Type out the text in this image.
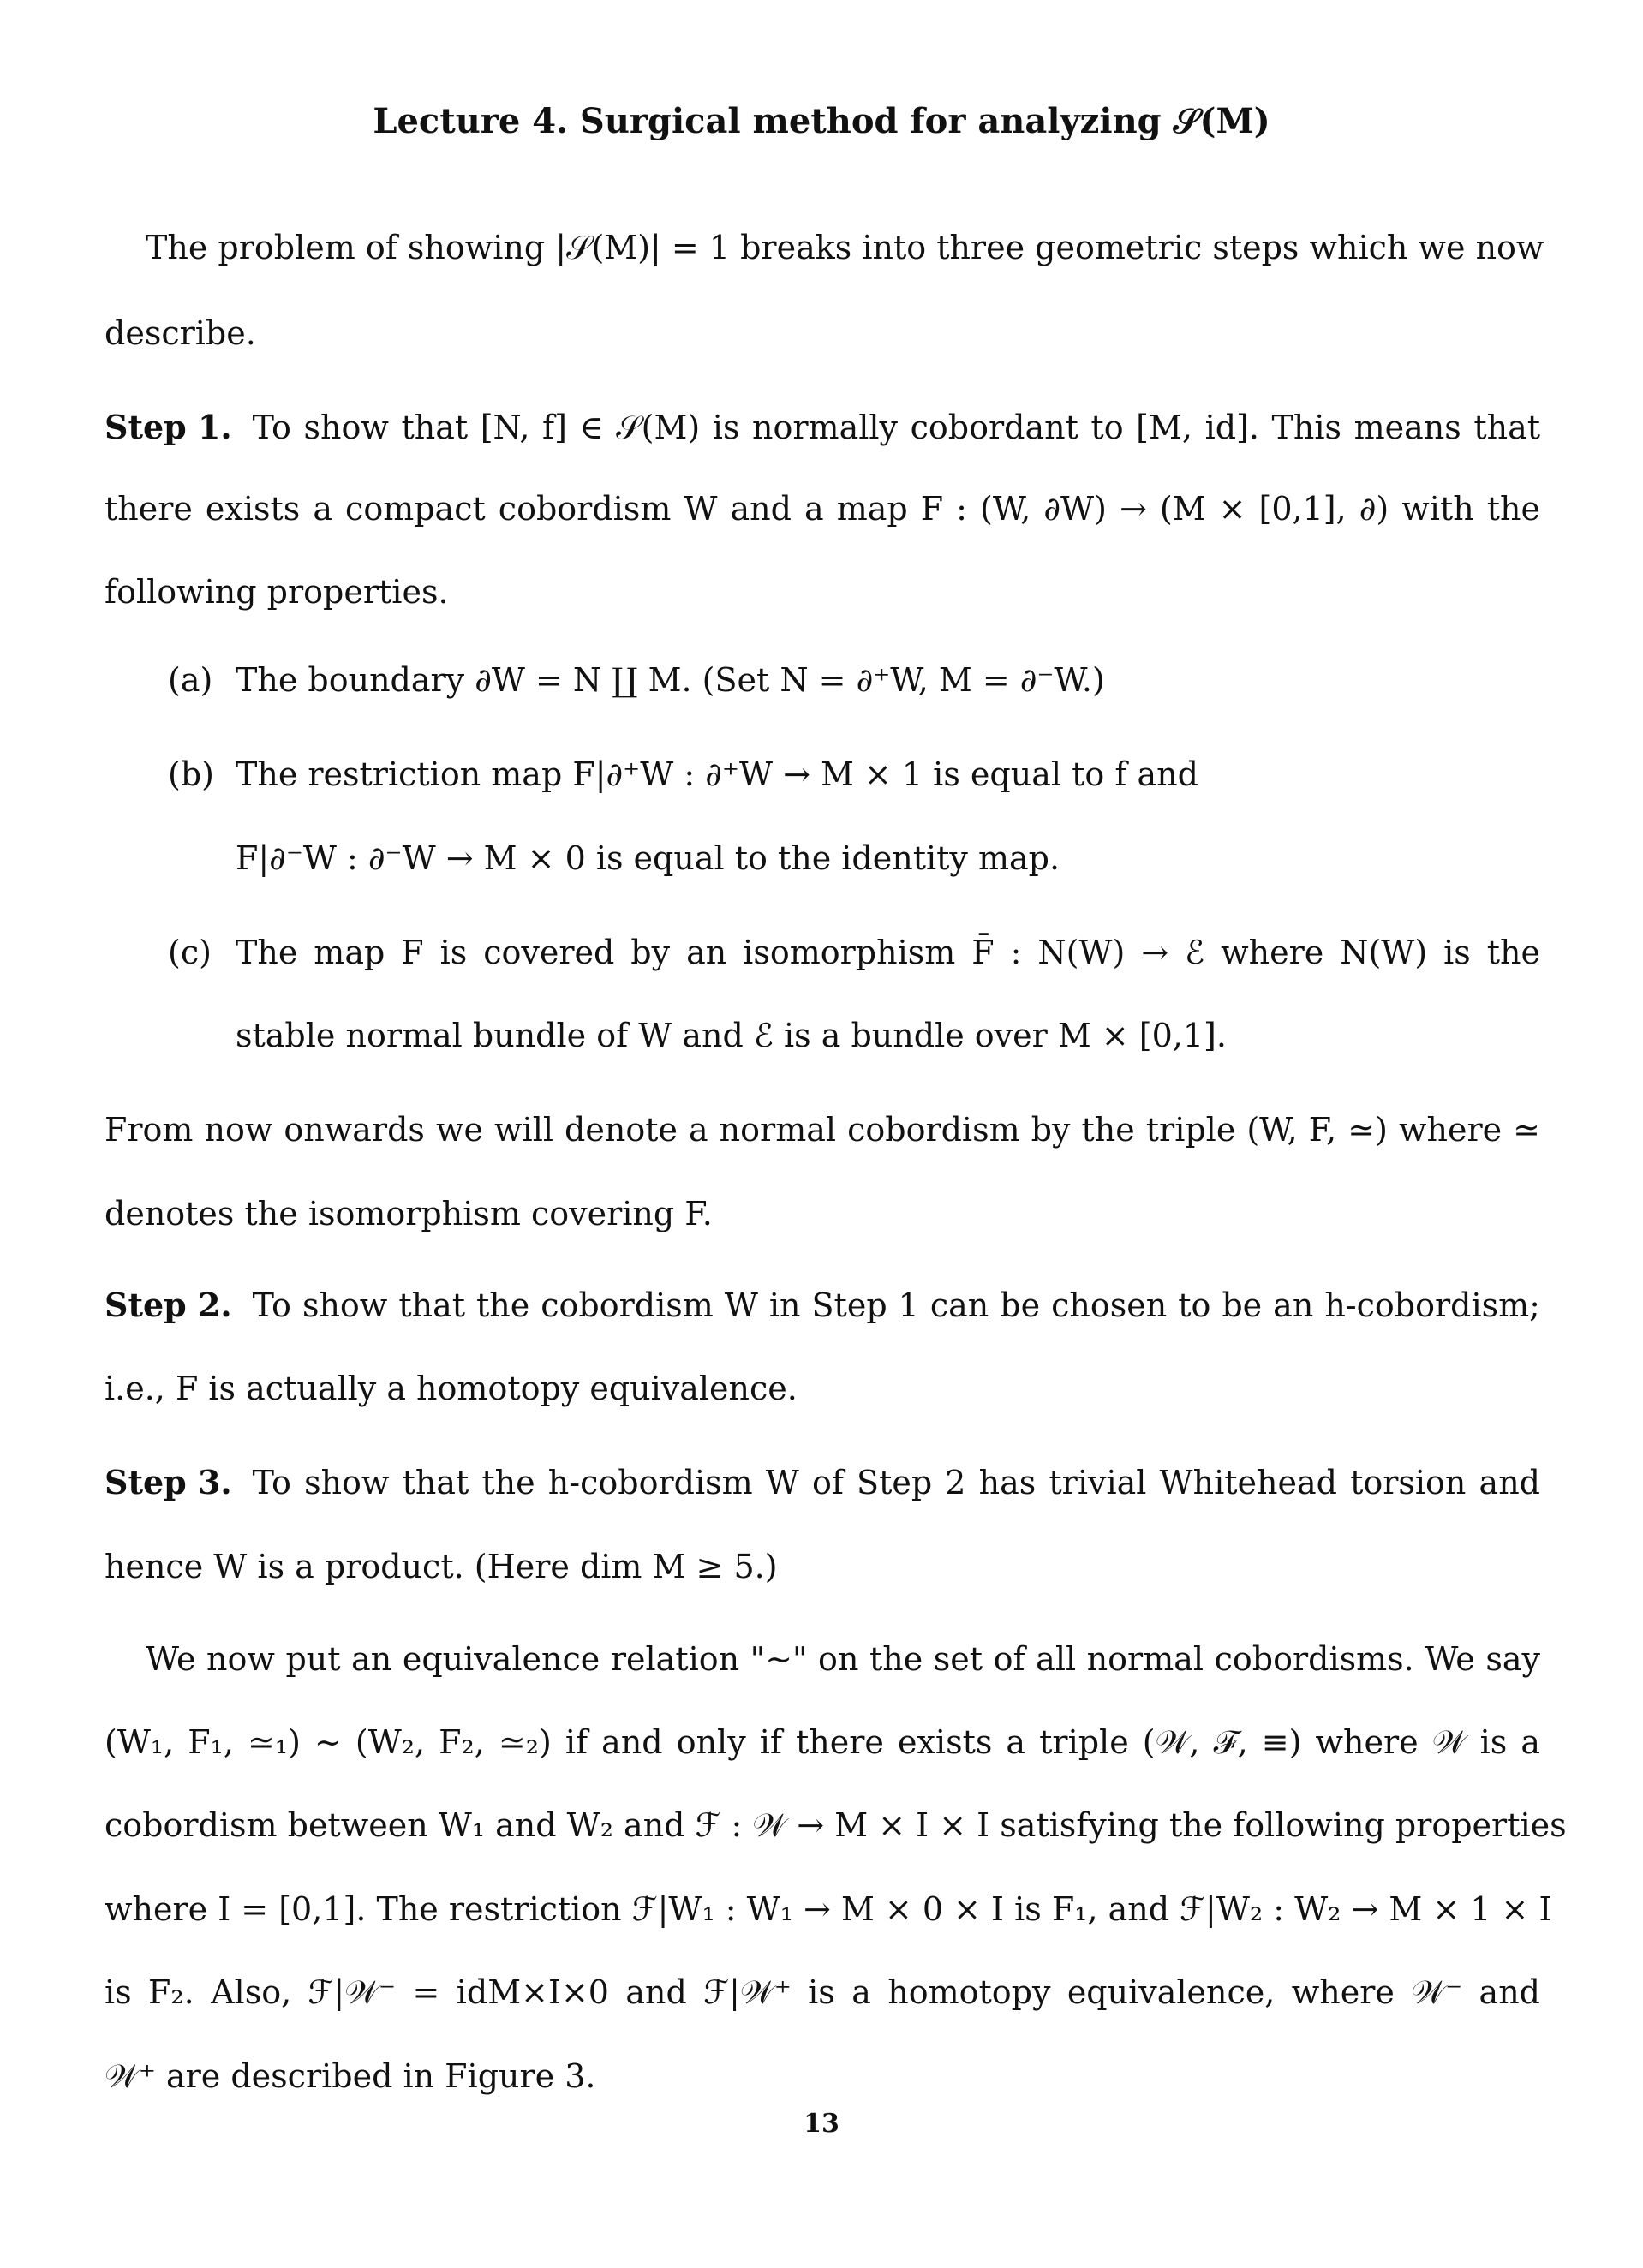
Lecture 4. Surgical method for analyzing 𝒮(M)
The problem of showing |𝒮(M)| = 1 breaks into three geometric steps which we now
describe.
Step 1. To show that [N, f] ∈ 𝒮(M) is normally cobordant to [M, id]. This means that
there exists a compact cobordism W and a map F : (W, ∂W) → (M × [0,1], ∂) with the
following properties.
(a) The boundary ∂W = N ∐ M. (Set N = ∂⁺W, M = ∂⁻W.)
(b) The restriction map F|∂⁺W : ∂⁺W → M × 1 is equal to f and
F|∂⁻W : ∂⁻W → M × 0 is equal to the identity map.
(c) The map F is covered by an isomorphism F̄ : N(W) → ℰ where N(W) is the
stable normal bundle of W and ℰ is a bundle over M × [0,1].
From now onwards we will denote a normal cobordism by the triple (W, F, ≃) where ≃
denotes the isomorphism covering F.
Step 2. To show that the cobordism W in Step 1 can be chosen to be an h-cobordism;
i.e., F is actually a homotopy equivalence.
Step 3. To show that the h-cobordism W of Step 2 has trivial Whitehead torsion and
hence W is a product. (Here dim M ≥ 5.)
We now put an equivalence relation "∼" on the set of all normal cobordisms. We say
(W₁, F₁, ≃₁) ∼ (W₂, F₂, ≃₂) if and only if there exists a triple (𝒲, ℱ, ≡) where 𝒲 is a
cobordism between W₁ and W₂ and ℱ : 𝒲 → M × I × I satisfying the following properties
where I = [0,1]. The restriction ℱ|W₁ : W₁ → M × 0 × I is F₁, and ℱ|W₂ : W₂ → M × 1 × I
is F₂. Also, ℱ|𝒲⁻ = idM×I×0 and ℱ|𝒲⁺ is a homotopy equivalence, where 𝒲⁻ and
𝒲⁺ are described in Figure 3.
13
